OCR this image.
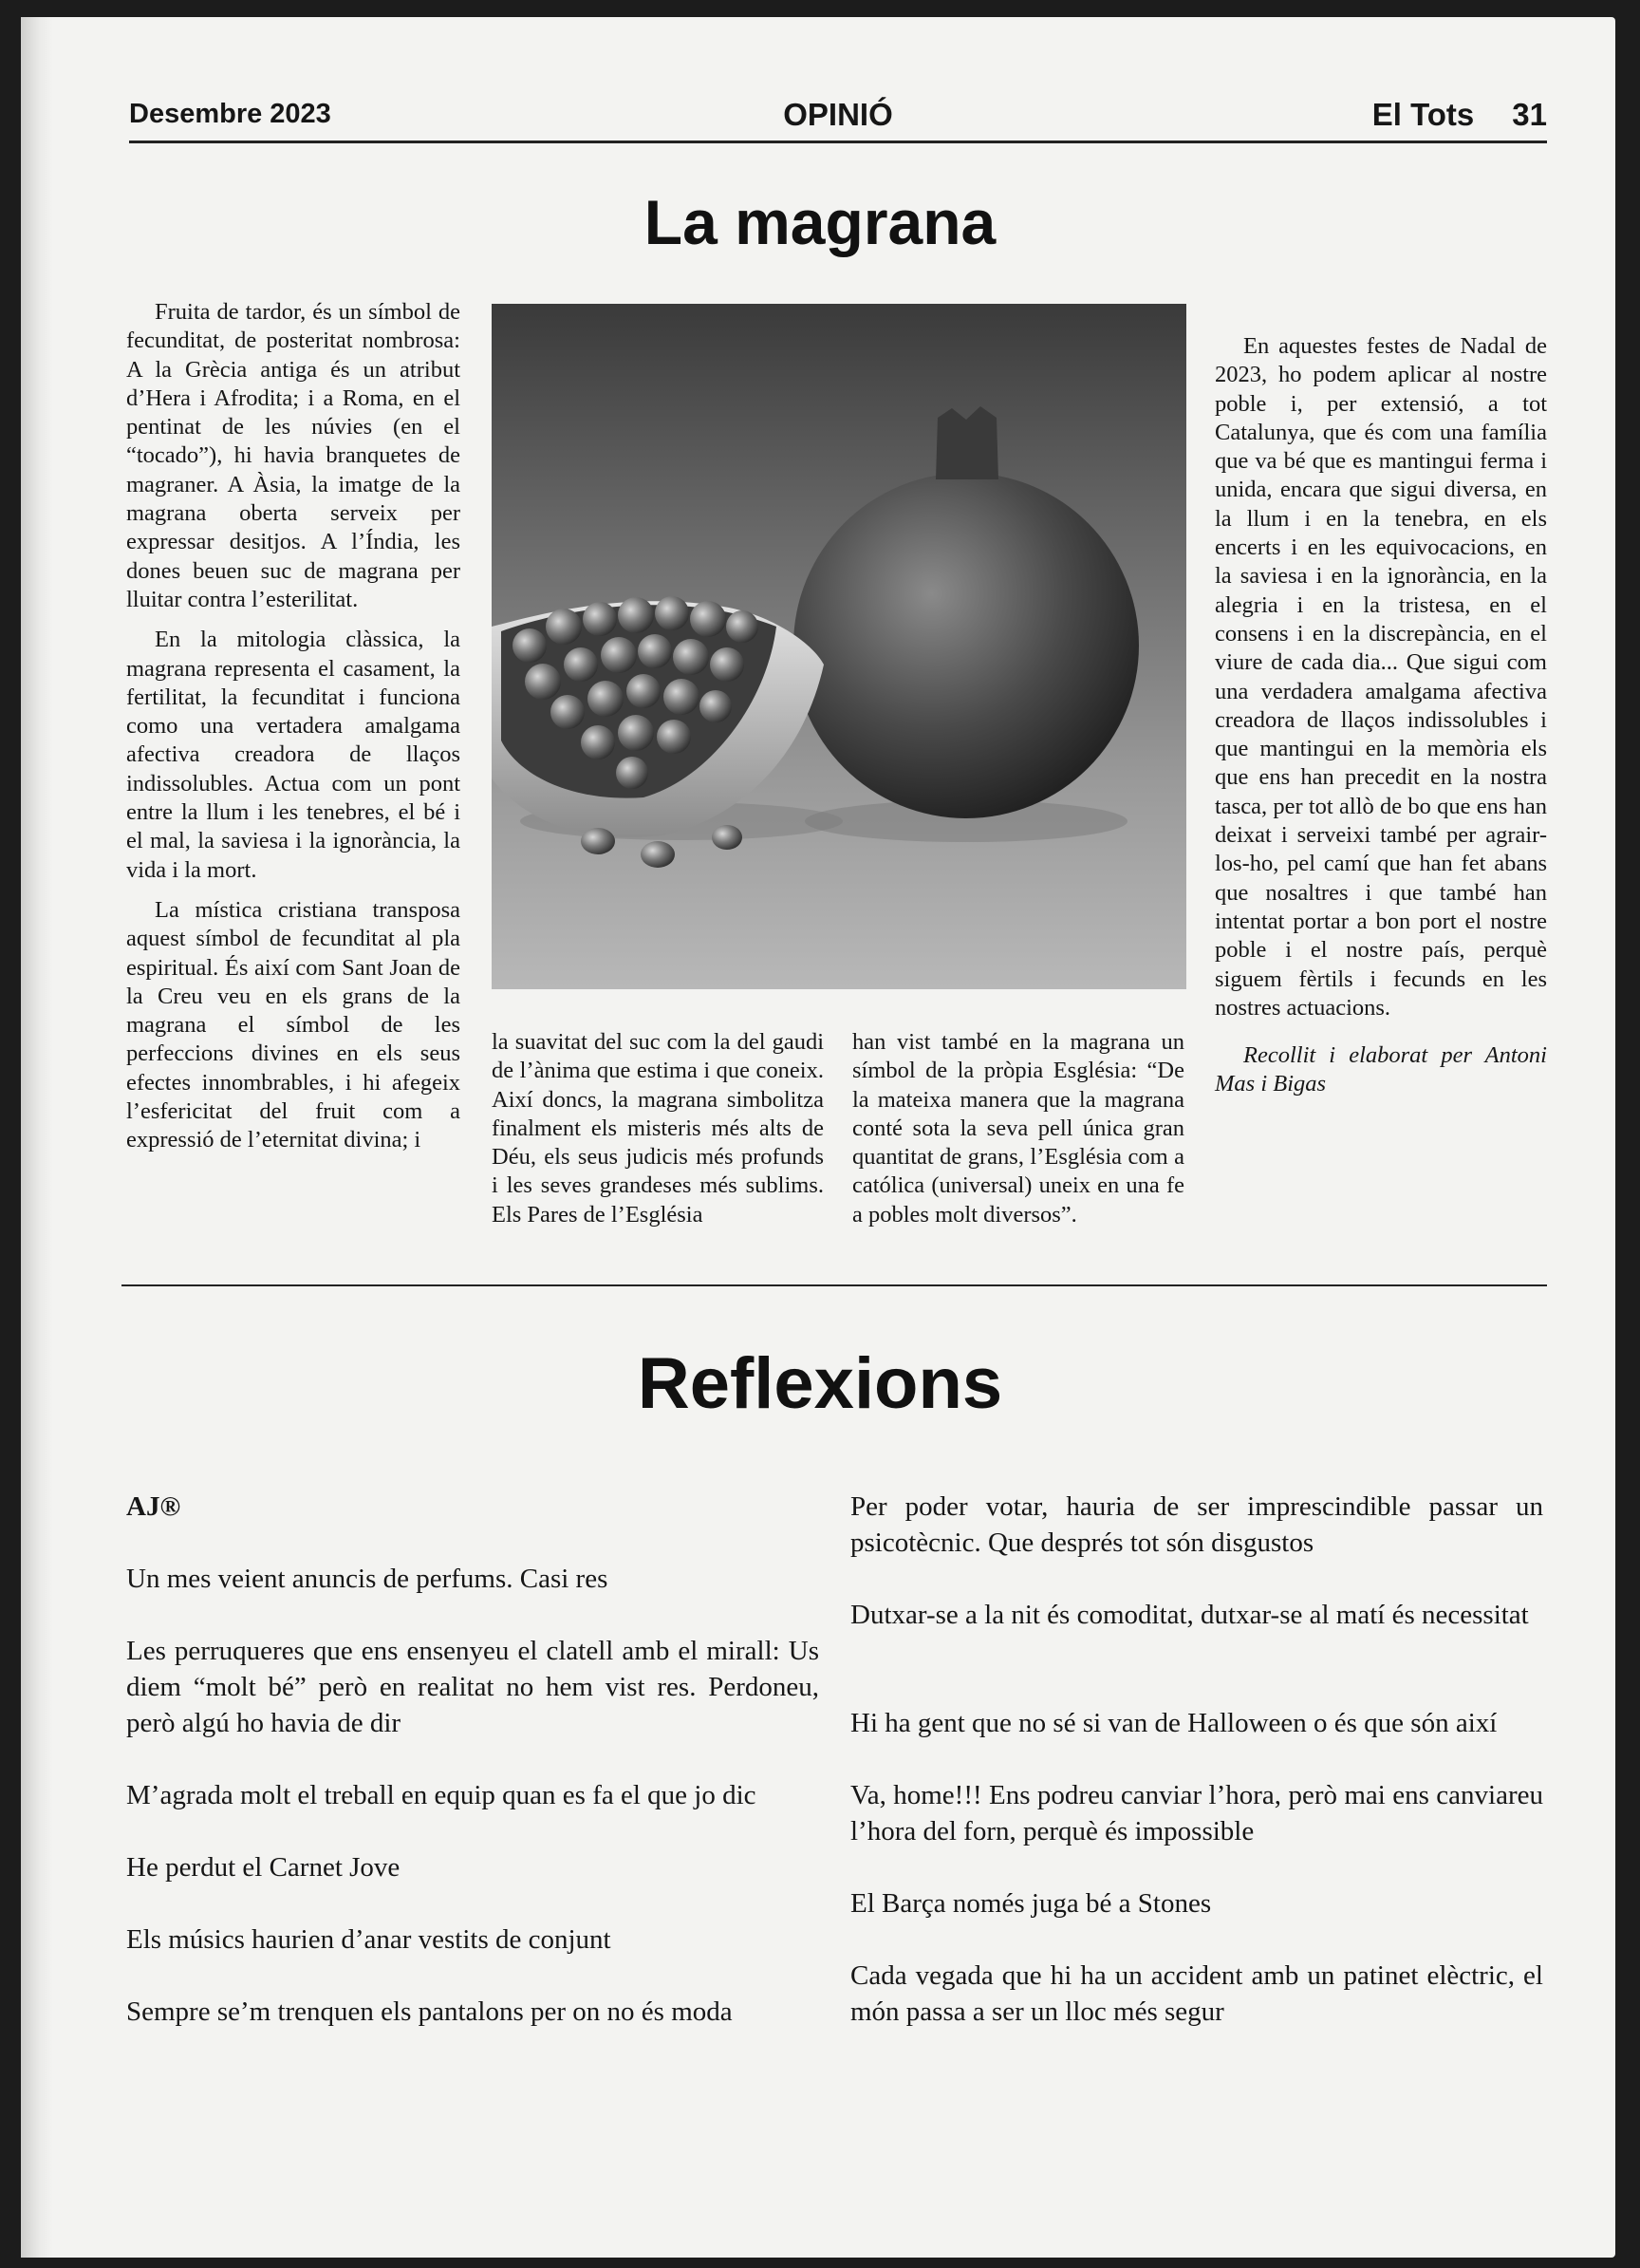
Desembre 2023	OPINIÓ	El Tots 31
La magrana

Fruita de tardor, és un símbol de fecunditat, de posteritat nombrosa: A la Grècia antiga és un atribut d’Hera i Afrodita; i a Roma, en el pentinat de les núvies (en el “tocado”), hi havia branquetes de magraner. A Àsia, la imatge de la magrana oberta serveix per expressar desitjos. A l’Índia, les dones beuen suc de magrana per lluitar contra l’esterilitat.

En la mitologia clàssica, la magrana representa el casament, la fertilitat, la fecunditat i funciona como una vertadera amalgama afectiva creadora de llaços indissolubles. Actua com un pont entre la llum i les tenebres, el bé i el mal, la saviesa i la ignorància, la vida i la mort.

La mística cristiana transposa aquest símbol de fecunditat al pla espiritual. És així com Sant Joan de la Creu veu en els grans de la magrana el símbol de les perfeccions divines en els seus efectes innombrables, i hi afegeix l’esfericitat del fruit com a expressió de l’eternitat divina; i

la suavitat del suc com la del gaudi de l’ànima que estima i que coneix. Així doncs, la magrana simbolitza finalment els misteris més alts de Déu, els seus judicis més profunds i les seves grandeses més sublims. Els Pares de l’Església

han vist també en la magrana un símbol de la pròpia Església: “De la mateixa manera que la magrana conté sota la seva pell única gran quantitat de grans, l’Església com a católica (universal) uneix en una fe a pobles molt diversos”.

En aquestes festes de Nadal de 2023, ho podem aplicar al nostre poble i, per extensió, a tot Catalunya, que és com una família que va bé que es mantingui ferma i unida, encara que sigui diversa, en la llum i en la tenebra, en els encerts i en les equivocacions, en la saviesa i en la ignorància, en la alegria i en la tristesa, en el consens i en la discrepància, en el viure de cada dia... Que sigui com una verdadera amalgama afectiva creadora de llaços indissolubles i que mantingui en la memòria els que ens han precedit en la nostra tasca, per tot allò de bo que ens han deixat i serveixi també per agrair-los-ho, pel camí que han fet abans que nosaltres i que també han intentat portar a bon port el nostre poble i el nostre país, perquè siguem fèrtils i fecunds en les nostres actuacions.

Recollit i elaborat per Antoni Mas i Bigas

Reflexions

AJ®

Un mes veient anuncis de perfums. Casi res

Les perruqueres que ens ensenyeu el clatell amb el mirall: Us diem “molt bé” però en realitat no hem vist res. Perdoneu, però algú ho havia de dir

M’agrada molt el treball en equip quan es fa el que jo dic

He perdut el Carnet Jove

Els músics haurien d’anar vestits de conjunt

Sempre se’m trenquen els pantalons per on no és moda

Per poder votar, hauria de ser imprescindible passar un psicotècnic. Que després tot són disgustos

Dutxar-se a la nit és comoditat, dutxar-se al matí és necessitat

Hi ha gent que no sé si van de Halloween o és que són així

Va, home!!! Ens podreu canviar l’hora, però mai ens canviareu l’hora del forn, perquè és impossible

El Barça només juga bé a Stones

Cada vegada que hi ha un accident amb un patinet elèctric, el món passa a ser un lloc més segur
